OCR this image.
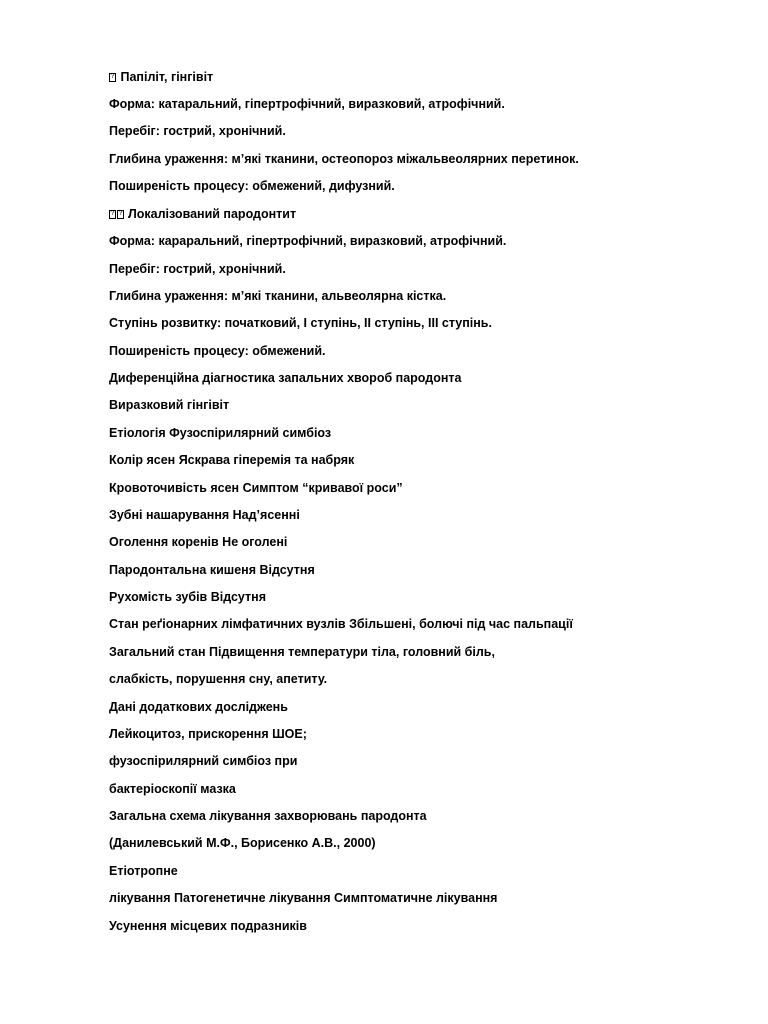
? Папіліт, гінгівіт
Форма: катаральний, гіпертрофічний, виразковий, атрофічний.
Перебіг: гострий, хронічний.
Глибина ураження: м’які тканини, остеопороз міжальвеолярних перетинок.
Поширеність процесу: обмежений, дифузний.
??Локалізований пародонтит
Форма: караральний, гіпертрофічний, виразковий, атрофічний.
Перебіг: гострий, хронічний.
Глибина ураження: м’які тканини, альвеолярна кістка.
Ступінь розвитку: початковий, I ступінь, II ступінь, III ступінь.
Поширеність процесу: обмежений.
Диференційна діагностика запальних хвороб пародонта
Виразковий гінгівіт
Етіологія Фузоспірилярний симбіоз
Колір ясен Яскрава гіперемія та набряк
Кровоточивість ясен Симптом “кривавої роси”
Зубні нашарування Над’ясенні
Оголення коренів Не оголені
Пародонтальна кишеня Відсутня
Рухомість зубів Відсутня
Стан реґіонарних лімфатичних вузлів Збільшені, болючі під час пальпації
Загальний стан Підвищення температури тіла, головний біль,
слабкість, порушення сну, апетиту.
Дані додаткових досліджень
Лейкоцитоз, прискорення ШОЕ;
фузоспірилярний симбіоз при
бактеріоскопії мазка
Загальна схема лікування захворювань пародонта
(Данилевський М.Ф., Борисенко А.В., 2000)
Етіотропне
лікування Патогенетичне лікування Симптоматичне лікування
Усунення місцевих подразників
